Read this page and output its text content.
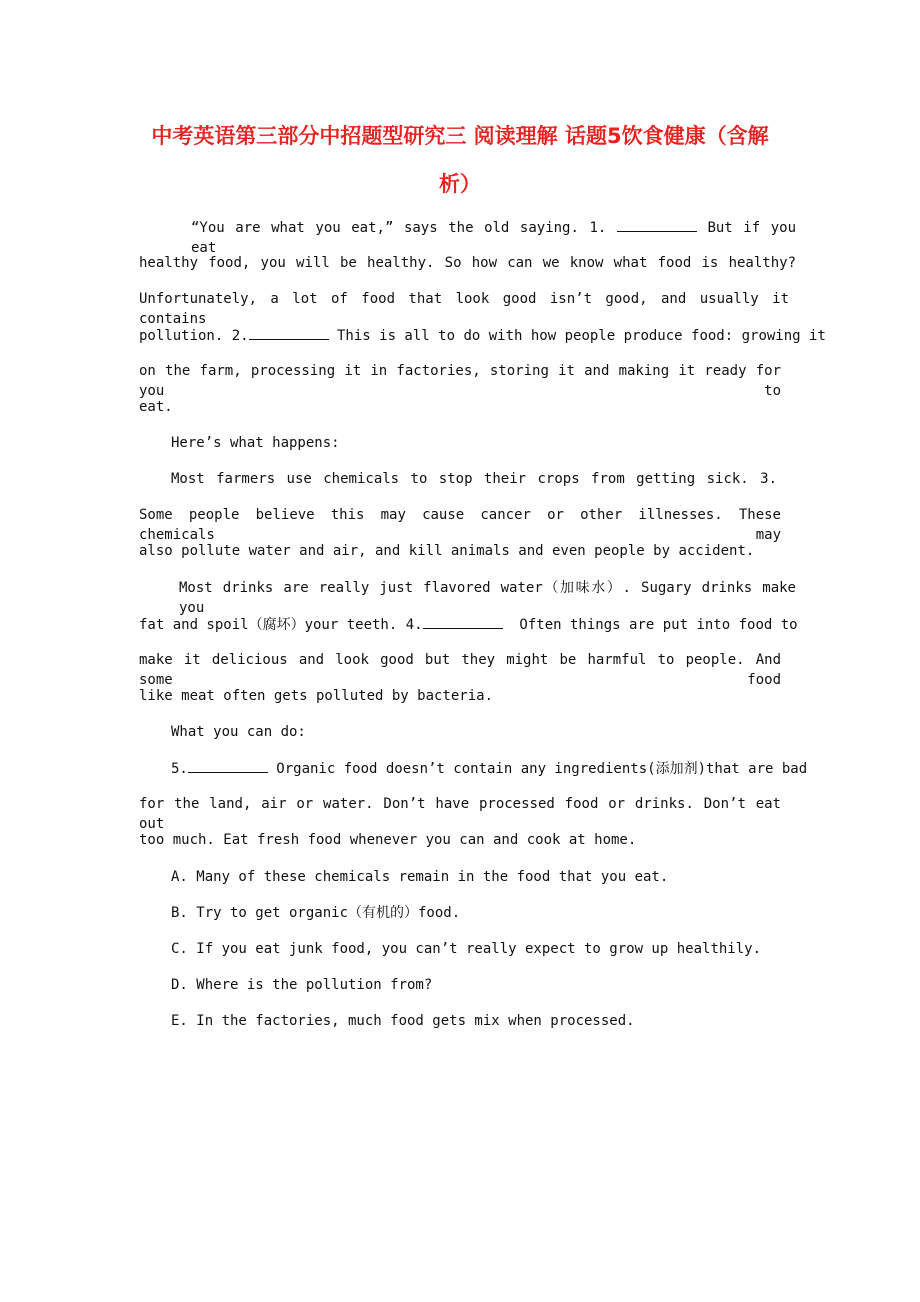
中考英语第三部分中招题型研究三 阅读理解 话题5饮食健康（含解
析）
“You are what you eat,” says the old saying. 1.	But if you eat
healthy food, you will be healthy. So how can we know what food is healthy?
Unfortunately, a lot of food that look good isn’t good, and usually it contains
pollution. 2.	This is all to do with how people produce food: growing it
on the farm, processing it in factories, storing it and making it ready for you to
eat.
Here’s what happens:
Most farmers use chemicals to stop their crops from getting sick. 3.
Some people believe this may cause cancer or other illnesses. These chemicals may
also pollute water and air, and kill animals and even people by accident.
Most drinks are really just flavored water（加味水）. Sugary drinks make you
fat and spoil（腐坏）your teeth. 4.	Often things are put into food to
make it delicious and look good but they might be harmful to people. And some food
like meat often gets polluted by bacteria.
What you can do:
5.	Organic food doesn’t contain any ingredients(添加剂)that are bad
for the land, air or water. Don’t have processed food or drinks. Don’t eat out
too much. Eat fresh food whenever you can and cook at home.
A. Many of these chemicals remain in the food that you eat.
B. Try to get organic（有机的）food.
C. If you eat junk food, you can’t really expect to grow up healthily.
D. Where is the pollution from?
E. In the factories, much food gets mix when processed.
